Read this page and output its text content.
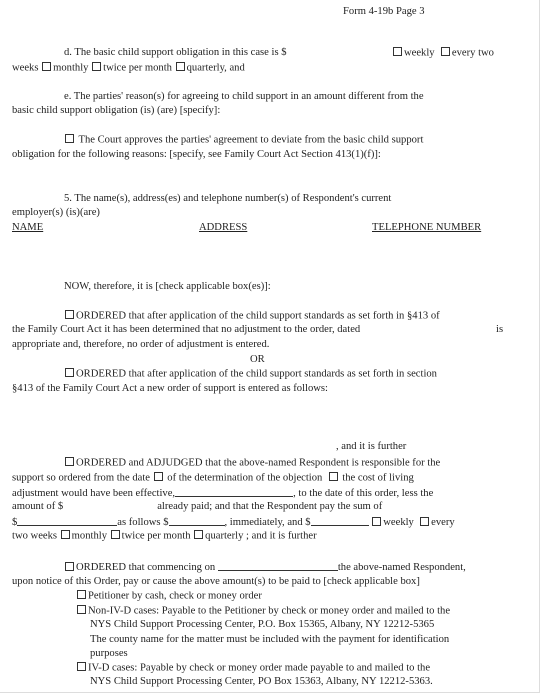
Form 4-19b Page 3
d. The basic child support obligation in this case is $	weekly every two
weeks monthly twice per month quarterly, and
e. The parties' reason(s) for agreeing to child support in an amount different from the
basic child support obligation (is) (are) [specify]:
The Court approves the parties' agreement to deviate from the basic child support
obligation for the following reasons: [specify, see Family Court Act Section 413(1)(f)]:
5. The name(s), address(es) and telephone number(s) of Respondent's current
employer(s) (is)(are)
NAME	ADDRESS	TELEPHONE NUMBER
NOW, therefore, it is [check applicable box(es)]:
ORDERED that after application of the child support standards as set forth in §413 of
the Family Court Act it has been determined that no adjustment to the order, dated	is
appropriate and, therefore, no order of adjustment is entered.
OR
ORDERED that after application of the child support standards as set forth in section
§413 of the Family Court Act a new order of support is entered as follows:
, and it is further
ORDERED and ADJUDGED that the above-named Respondent is responsible for the
support so ordered from the date of the determination of the objection the cost of living
adjustment would have been effective,	, to the date of this order, less the
amount of $	already paid; and that the Respondent pay the sum of
$	as follows $	, immediately, and $	weekly every
two weeks monthly twice per month quarterly ; and it is further
ORDERED that commencing on	the above-named Respondent,
upon notice of this Order, pay or cause the above amount(s) to be paid to [check applicable box]
Petitioner by cash, check or money order
Non-IV-D cases: Payable to the Petitioner by check or money order and mailed to the
NYS Child Support Processing Center, P.O. Box 15365, Albany, NY 12212-5365
The county name for the matter must be included with the payment for identification
purposes
IV-D cases: Payable by check or money order made payable to and mailed to the
NYS Child Support Processing Center, PO Box 15363, Albany, NY 12212-5363.
